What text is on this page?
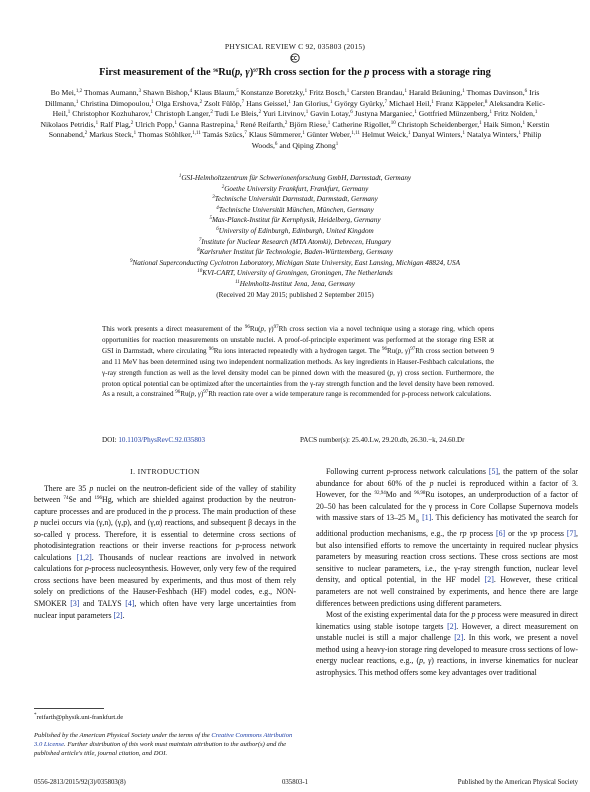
PHYSICAL REVIEW C 92, 035803 (2015)
First measurement of the $^{96}$Ru(p, γ)$^{97}$Rh cross section for the p process with a storage ring
Bo Mei,$^{1,2}$ Thomas Aumann,$^3$ Shawn Bishop,$^4$ Klaus Blaum,$^5$ Konstanze Boretzky,$^1$ Fritz Bosch,$^1$ Carsten Brandau,$^1$ Harald Bräuning,$^1$ Thomas Davinson,$^6$ Iris Dillmann,$^1$ Christina Dimopoulou,$^1$ Olga Ershova,$^2$ Zsolt Fülöp,$^7$ Hans Geissel,$^1$ Jan Glorius,$^1$ György Gyürky,$^7$ Michael Heil,$^1$ Franz Käppeler,$^8$ Aleksandra Kelic-Heil,$^1$ Christophor Kozhuharov,$^1$ Christoph Langer,$^2$ Tudi Le Bleis,$^2$ Yuri Litvinov,$^1$ Gavin Lotay,$^6$ Justyna Marganiec,$^1$ Gottfried Münzenberg,$^1$ Fritz Nolden,$^1$ Nikolaos Petridis,$^1$ Ralf Plag,$^2$ Ulrich Popp,$^1$ Ganna Rastrepina,$^1$ René Reifarth,$^2$ Björn Riese,$^1$ Catherine Rigollet,$^{10}$ Christoph Scheidenberger,$^1$ Haik Simon,$^1$ Kerstin Sonnabend,$^2$ Markus Steck,$^1$ Thomas Stöhlker,$^{1,11}$ Tamás Szücs,$^7$ Klaus Sümmerer,$^1$ Günter Weber,$^{1,11}$ Helmut Weick,$^1$ Danyal Winters,$^1$ Natalya Winters,$^1$ Philip Woods,$^6$ and Qiping Zhong$^1$
$^1$GSI-Helmholtzzentrum für Schwerionenforschung GmbH, Darmstadt, Germany
$^2$Goethe University Frankfurt, Frankfurt, Germany
$^3$Technische Universität Darmstadt, Darmstadt, Germany
$^4$Technische Universität München, München, Germany
$^5$Max-Planck-Institut für Kernphysik, Heidelberg, Germany
$^6$University of Edinburgh, Edinburgh, United Kingdom
$^7$Institute for Nuclear Research (MTA Atomki), Debrecen, Hungary
$^8$Karlsruher Institut für Technologie, Baden-Württemberg, Germany
$^9$National Superconducting Cyclotron Laboratory, Michigan State University, East Lansing, Michigan 48824, USA
$^{10}$KVI-CART, University of Groningen, Groningen, The Netherlands
$^{11}$Helmholtz-Institut Jena, Jena, Germany
(Received 20 May 2015; published 2 September 2015)
This work presents a direct measurement of the $^{96}$Ru(p, γ)$^{97}$Rh cross section via a novel technique using a storage ring, which opens opportunities for reaction measurements on unstable nuclei. A proof-of-principle experiment was performed at the storage ring ESR at GSI in Darmstadt, where circulating $^{96}$Ru ions interacted repeatedly with a hydrogen target. The $^{96}$Ru(p, γ)$^{97}$Rh cross section between 9 and 11 MeV has been determined using two independent normalization methods. As key ingredients in Hauser-Feshbach calculations, the γ-ray strength function as well as the level density model can be pinned down with the measured (p, γ) cross section. Furthermore, the proton optical potential can be optimized after the uncertainties from the γ-ray strength function and the level density have been removed. As a result, a constrained $^{96}$Ru(p, γ)$^{97}$Rh reaction rate over a wide temperature range is recommended for p-process network calculations.
DOI: 10.1103/PhysRevC.92.035803	PACS number(s): 25.40.Lw, 29.20.db, 26.30.−k, 24.60.Dr
I. INTRODUCTION

There are 35 p nuclei on the neutron-deficient side of the valley of stability between $^{74}$Se and $^{196}$Hg, which are shielded against production by the neutron-capture processes and are produced in the p process. The main production of these p nuclei occurs via (γ,n), (γ,p), and (γ,α) reactions, and subsequent β decays in the so-called γ process. Therefore, it is essential to determine cross sections of photodisintegration reactions or their inverse reactions for p-process network calculations [1,2]. Thousands of nuclear reactions are involved in network calculations for p-process nucleosynthesis. However, only very few of the required cross sections have been measured by experiments, and thus most of them rely solely on predictions of the Hauser-Feshbach (HF) model codes, e.g., NON-SMOKER [3] and TALYS [4], which often have very large uncertainties from nuclear input parameters [2].

Following current p-process network calculations [5], the pattern of the solar abundance for about 60% of the p nuclei is reproduced within a factor of 3. However, for the $^{92,94}$Mo and $^{96,98}$Ru isotopes, an underproduction of a factor of 20–50 has been calculated for the γ process in Core Collapse Supernova models with massive stars of 13–25 $M_⊙$ [1]. This deficiency has motivated the search for additional production mechanisms, e.g., the rp process [6] or the νp process [7], but also intensified efforts to remove the uncertainty in required nuclear physics parameters by measuring reaction cross sections. These cross sections are most sensitive to nuclear parameters, i.e., the γ-ray strength function, nuclear level density, and optical potential, in the HF model [2]. However, these critical parameters are not well constrained by experiments, and hence there are large differences between predictions using different parameters.

Most of the existing experimental data for the p process were measured in direct kinematics using stable isotope targets [2]. However, a direct measurement on unstable nuclei is still a major challenge [2]. In this work, we present a novel method using a heavy-ion storage ring developed to measure cross sections of low-energy nuclear reactions, e.g., (p, γ) reactions, in inverse kinematics for nuclear astrophysics. This method offers some key advantages over traditional

*reifarth@physik.uni-frankfurt.de
Published by the American Physical Society under the terms of the Creative Commons Attribution 3.0 License. Further distribution of this work must maintain attribution to the author(s) and the published article's title, journal citation, and DOI.
0556-2813/2015/92(3)/035803(8)	035803-1	Published by the American Physical Society
